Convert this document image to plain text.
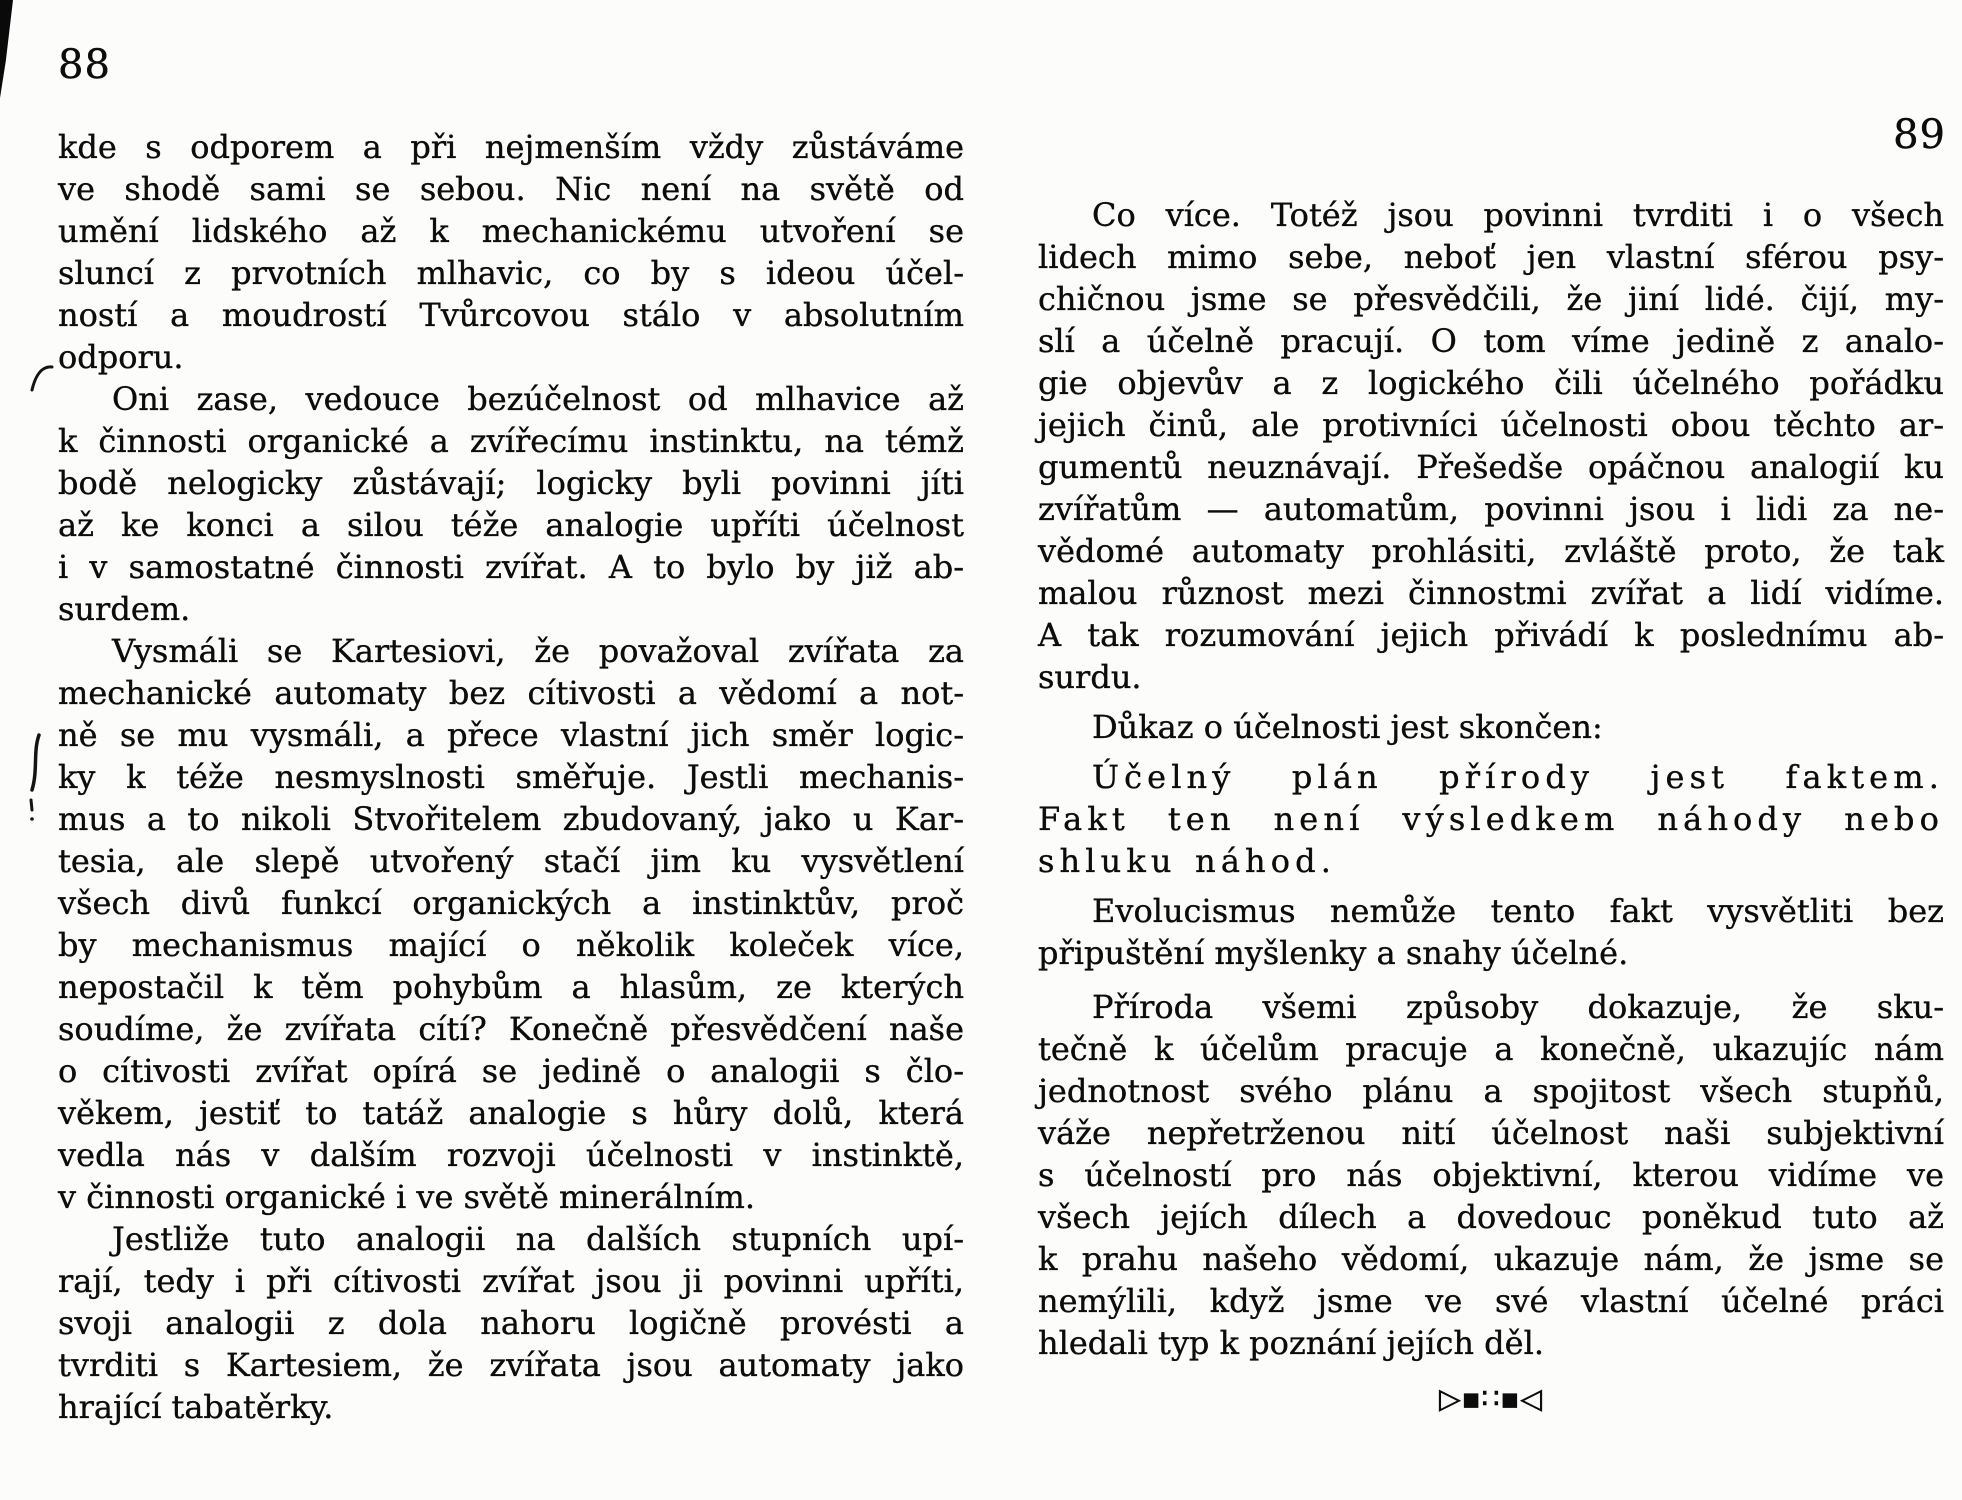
88
89
kde s odporem a při nejmenším vždy zůstáváme
ve shodě sami se sebou. Nic není na světě od
umění lidského až k mechanickému utvoření se
sluncí z prvotních mlhavic, co by s ideou účel-
ností a moudrostí Tvůrcovou stálo v absolutním
odporu.
Oni zase, vedouce bezúčelnost od mlhavice až
k činnosti organické a zvířecímu instinktu, na témž
bodě nelogicky zůstávají; logicky byli povinni jíti
až ke konci a silou téže analogie upříti účelnost
i v samostatné činnosti zvířat. A to bylo by již ab-
surdem.
Vysmáli se Kartesiovi, že považoval zvířata za
mechanické automaty bez cítivosti a vědomí a not-
ně se mu vysmáli, a přece vlastní jich směr logic-
ky k téže nesmyslnosti směřuje. Jestli mechanis-
mus a to nikoli Stvořitelem zbudovaný, jako u Kar-
tesia, ale slepě utvořený stačí jim ku vysvětlení
všech divů funkcí organických a instinktův, proč
by mechanismus mající o několik koleček více,
nepostačil k těm pohybům a hlasům, ze kterých
soudíme, že zvířata cítí? Konečně přesvědčení naše
o cítivosti zvířat opírá se jedině o analogii s člo-
věkem, jestiť to tatáž analogie s hůry dolů, která
vedla nás v dalším rozvoji účelnosti v instinktě,
v činnosti organické i ve světě minerálním.
Jestliže tuto analogii na dalších stupních upí-
rají, tedy i při cítivosti zvířat jsou ji povinni upříti,
svoji analogii z dola nahoru logičně provésti a
tvrditi s Kartesiem, že zvířata jsou automaty jako
hrající tabatěrky.
Co více. Totéž jsou povinni tvrditi i o všech
lidech mimo sebe, neboť jen vlastní sférou psy-
chičnou jsme se přesvědčili, že jiní lidé. čijí, my-
slí a účelně pracují. O tom víme jedině z analo-
gie objevův a z logického čili účelného pořádku
jejich činů, ale protivníci účelnosti obou těchto ar-
gumentů neuznávají. Přešedše opáčnou analogií ku
zvířatům — automatům, povinni jsou i lidi za ne-
vědomé automaty prohlásiti, zvláště proto, že tak
malou různost mezi činnostmi zvířat a lidí vidíme.
A tak rozumování jejich přivádí k poslednímu ab-
surdu.
Důkaz o účelnosti jest skončen:
Účelný plán přírody jest faktem.
Fakt ten není výsledkem náhody nebo
shluku náhod.
Evolucismus nemůže tento fakt vysvětliti bez
připuštění myšlenky a snahy účelné.
Příroda všemi způsoby dokazuje, že sku-
tečně k účelům pracuje a konečně, ukazujíc nám
jednotnost svého plánu a spojitost všech stupňů,
váže nepřetrženou nití účelnost naši subjektivní
s účelností pro nás objektivní, kterou vidíme ve
všech jejích dílech a dovedouc poněkud tuto až
k prahu našeho vědomí, ukazuje nám, že jsme se
nemýlili, když jsme ve své vlastní účelné práci
hledali typ k poznání jejích děl.
▷▪∷▪◁
